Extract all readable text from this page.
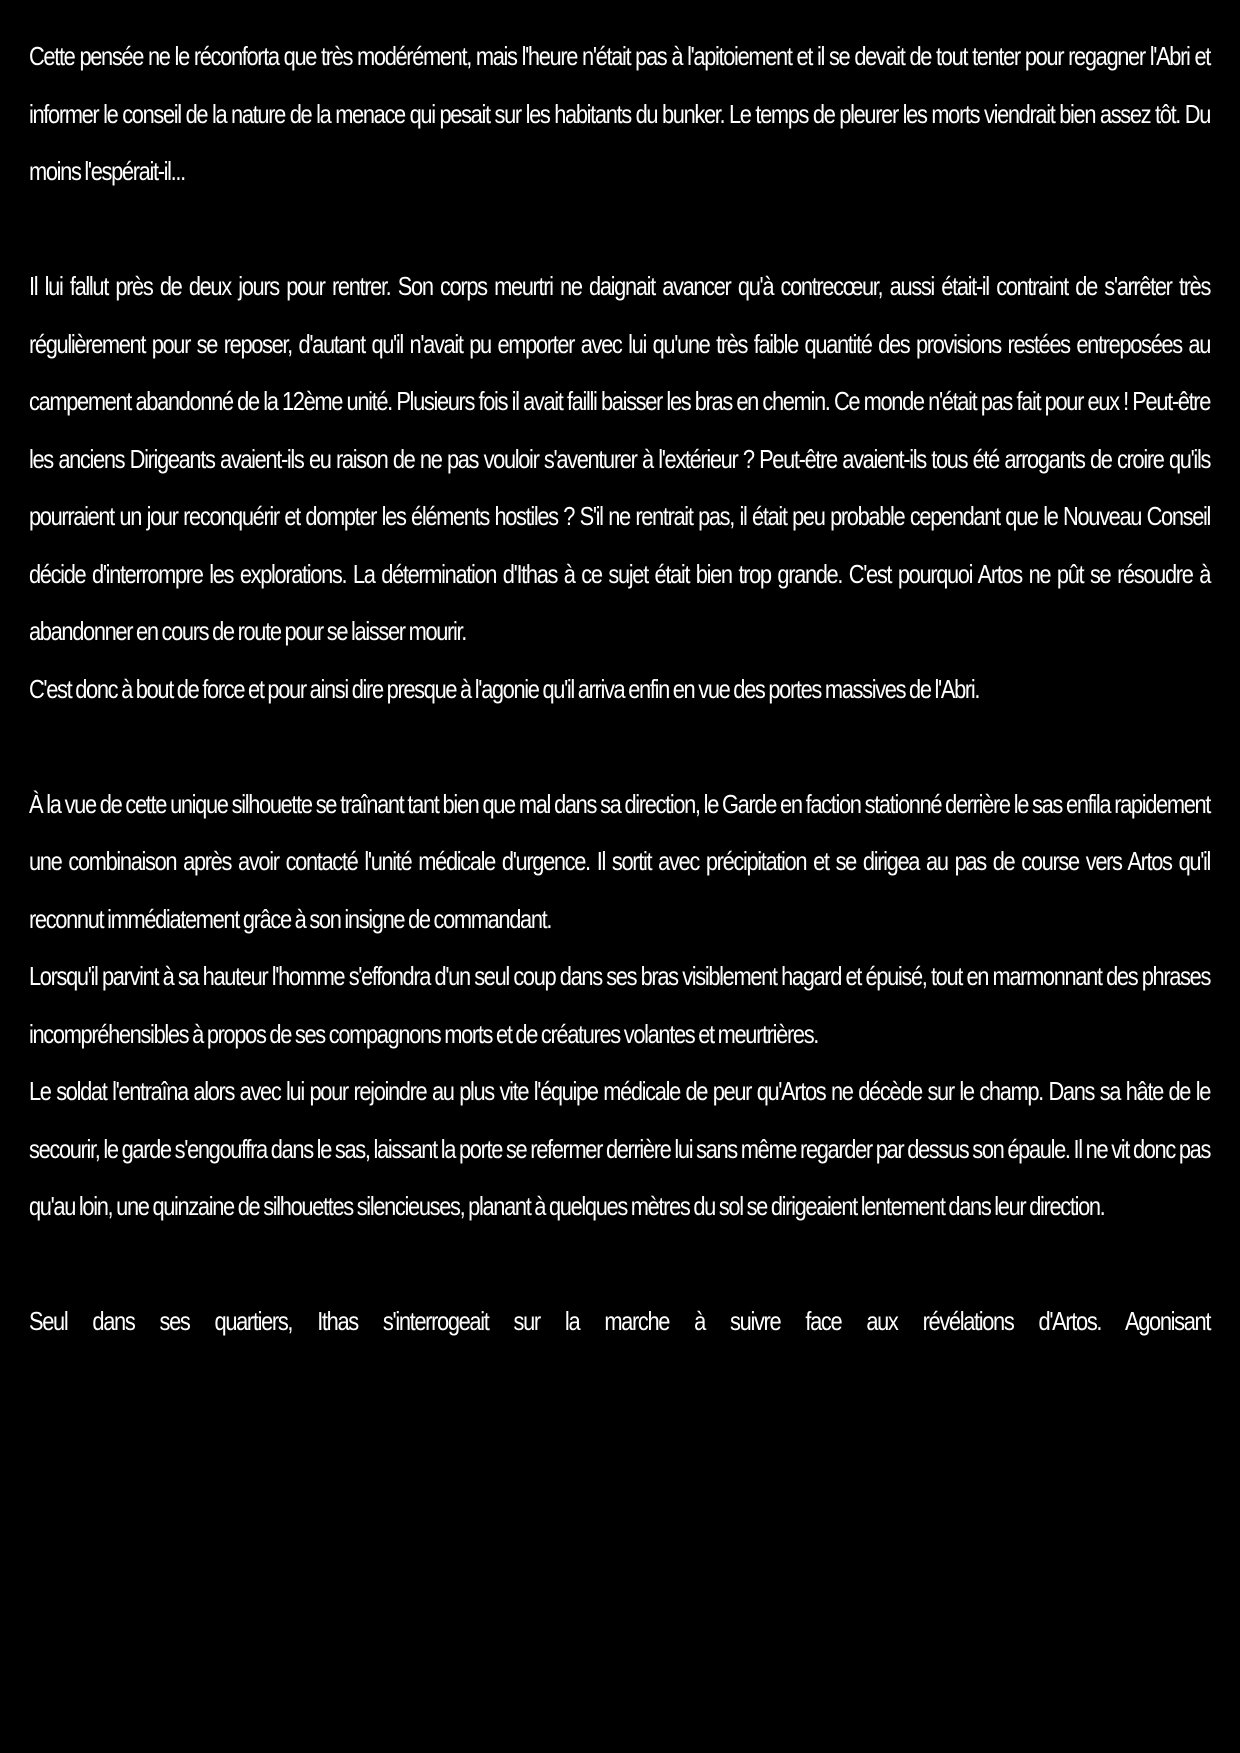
Cette pensée ne le réconforta que très modérément, mais l'heure n'était pas à l'apitoiement et il se devait de tout tenter pour regagner l'Abri et informer le conseil de la nature de la menace qui pesait sur les habitants du bunker. Le temps de pleurer les morts viendrait bien assez tôt. Du moins l'espérait-il...

Il lui fallut près de deux jours pour rentrer. Son corps meurtri ne daignait avancer qu'à contrecœur, aussi était-il contraint de s'arrêter très régulièrement pour se reposer, d'autant qu'il n'avait pu emporter avec lui qu'une très faible quantité des provisions restées entreposées au campement abandonné de la 12ème unité. Plusieurs fois il avait failli baisser les bras en chemin. Ce monde n'était pas fait pour eux ! Peut-être les anciens Dirigeants avaient-ils eu raison de ne pas vouloir s'aventurer à l'extérieur ? Peut-être avaient-ils tous été arrogants de croire qu'ils pourraient un jour reconquérir et dompter les éléments hostiles ? S'il ne rentrait pas, il était peu probable cependant que le Nouveau Conseil décide d'interrompre les explorations. La détermination d'Ithas à ce sujet était bien trop grande. C'est pourquoi Artos ne pût se résoudre à abandonner en cours de route pour se laisser mourir.

C'est donc à bout de force et pour ainsi dire presque à l'agonie qu'il arriva enfin en vue des portes massives de l'Abri.

À la vue de cette unique silhouette se traînant tant bien que mal dans sa direction, le Garde en faction stationné derrière le sas enfila rapidement une combinaison après avoir contacté l'unité médicale d'urgence. Il sortit avec précipitation et se dirigea au pas de course vers Artos qu'il reconnut immédiatement grâce à son insigne de commandant.

Lorsqu'il parvint à sa hauteur l'homme s'effondra d'un seul coup dans ses bras visiblement hagard et épuisé, tout en marmonnant des phrases incompréhensibles à propos de ses compagnons morts et de créatures volantes et meurtrières.

Le soldat l'entraîna alors avec lui pour rejoindre au plus vite l'équipe médicale de peur qu'Artos ne décède sur le champ. Dans sa hâte de le secourir, le garde s'engouffra dans le sas, laissant la porte se refermer derrière lui sans même regarder par dessus son épaule. Il ne vit donc pas qu'au loin, une quinzaine de silhouettes silencieuses, planant à quelques mètres du sol se dirigeaient lentement dans leur direction.

Seul dans ses quartiers, Ithas s'interrogeait sur la marche à suivre face aux révélations d'Artos. Agonisant
